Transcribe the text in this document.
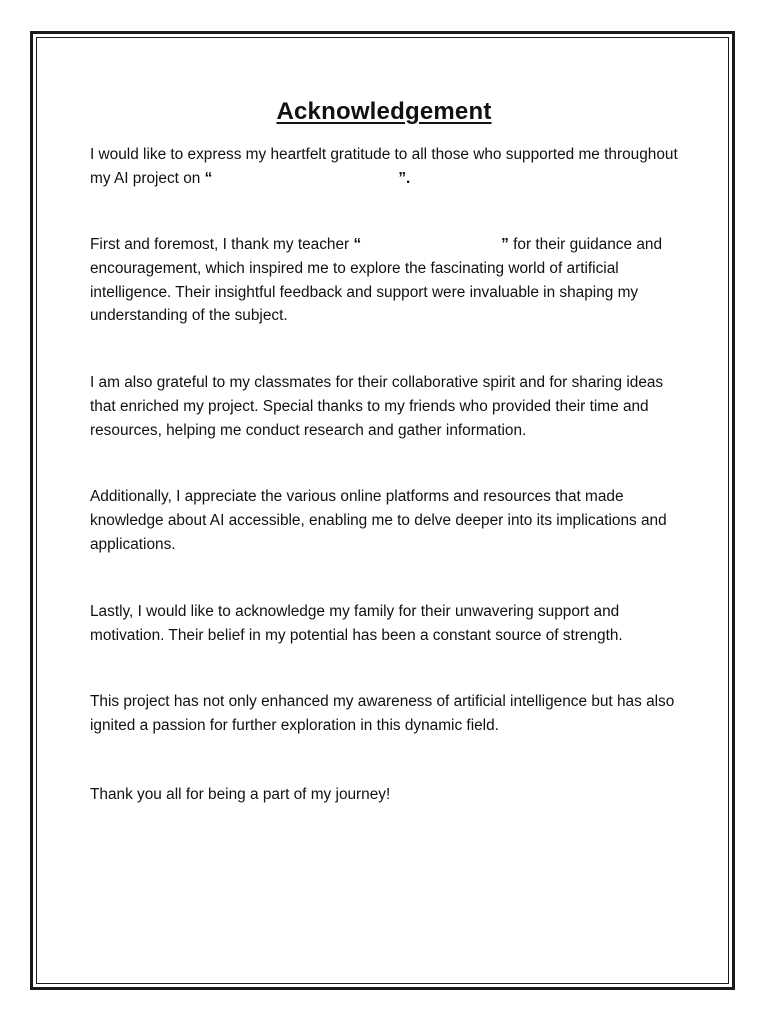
Acknowledgement

I would like to express my heartfelt gratitude to all those who supported me throughout my AI project on “	”.

First and foremost, I thank my teacher “	” for their guidance and encouragement, which inspired me to explore the fascinating world of artificial intelligence. Their insightful feedback and support were invaluable in shaping my understanding of the subject.

I am also grateful to my classmates for their collaborative spirit and for sharing ideas that enriched my project. Special thanks to my friends who provided their time and resources, helping me conduct research and gather information.

Additionally, I appreciate the various online platforms and resources that made knowledge about AI accessible, enabling me to delve deeper into its implications and applications.

Lastly, I would like to acknowledge my family for their unwavering support and motivation. Their belief in my potential has been a constant source of strength.

This project has not only enhanced my awareness of artificial intelligence but has also ignited a passion for further exploration in this dynamic field.

Thank you all for being a part of my journey!
